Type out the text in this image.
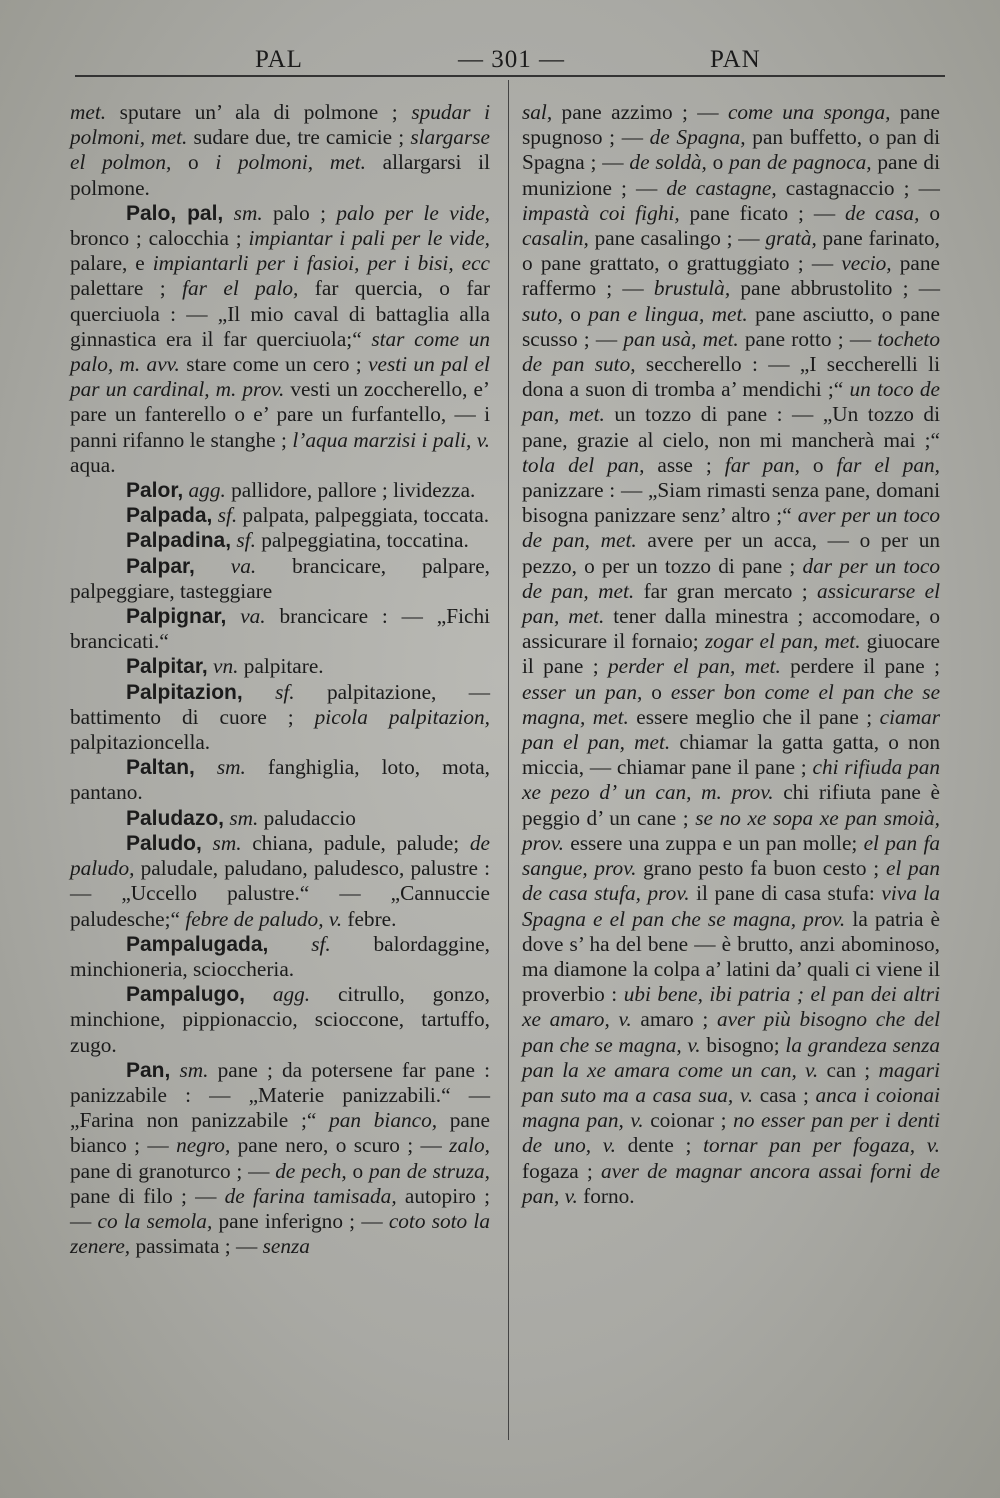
PAL	— 301 —	PAN

met. sputare un’ ala di polmone ; spudar i polmoni, met. sudare due, tre camicie ; slargarse el polmon, o i polmoni, met. allargarsi il polmone.

Palo, pal, sm. palo ; palo per le vide, bronco ; calocchia ; impiantar i pali per le vide, palare, e impiantarli per i fasioi, per i bisi, ecc palettare ; far el palo, far quercia, o far querciuola : — „Il mio caval di battaglia alla ginnastica era il far querciuola;“ star come un palo, m. avv. stare come un cero ; vesti un pal el par un cardinal, m. prov. vesti un zoccherello, e’ pare un fanterello o e’ pare un furfantello, — i panni rifanno le stanghe ; l’aqua marzisi i pali, v. aqua.

Palor, agg. pallidore, pallore ; lividezza.

Palpada, sf. palpata, palpeggiata, toccata.

Palpadina, sf. palpeggiatina, toccatina.

Palpar, va. brancicare, palpare, palpeggiare, tasteggiare

Palpignar, va. brancicare : — „Fichi brancicati.“

Palpitar, vn. palpitare.

Palpitazion, sf. palpitazione, — battimento di cuore ; picola palpitazion, palpitazioncella.

Paltan, sm. fanghiglia, loto, mota, pantano.

Paludazo, sm. paludaccio

Paludo, sm. chiana, padule, palude; de paludo, paludale, paludano, paludesco, palustre : — „Uccello palustre.“ — „Cannuccie paludesche;“ febre de paludo, v. febre.

Pampalugada, sf. balordaggine, minchioneria, scioccheria.

Pampalugo, agg. citrullo, gonzo, minchione, pippionaccio, scioccone, tartuffo, zugo.

Pan, sm. pane ; da potersene far pane : panizzabile : — „Materie panizzabili.“ — „Farina non panizzabile ;“ pan bianco, pane bianco ; — negro, pane nero, o scuro ; — zalo, pane di granoturco ; — de pech, o pan de struza, pane di filo ; — de farina tamisada, autopiro ; — co la semola, pane inferigno ; — coto soto la zenere, passimata ; — senza

sal, pane azzimo ; — come una sponga, pane spugnoso ; — de Spagna, pan buffetto, o pan di Spagna ; — de soldà, o pan de pagnoca, pane di munizione ; — de castagne, castagnaccio ; — impastà coi fighi, pane ficato ; — de casa, o casalin, pane casalingo ; — gratà, pane farinato, o pane grattato, o grattuggiato ; — vecio, pane raffermo ; — brustulà, pane abbrustolito ; — suto, o pan e lingua, met. pane asciutto, o pane scusso ; — pan usà, met. pane rotto ; — tocheto de pan suto, seccherello : — „I seccherelli li dona a suon di tromba a’ mendichi ;“ un toco de pan, met. un tozzo di pane : — „Un tozzo di pane, grazie al cielo, non mi mancherà mai ;“ tola del pan, asse ; far pan, o far el pan, panizzare : — „Siam rimasti senza pane, domani bisogna panizzare senz’ altro ;“ aver per un toco de pan, met. avere per un acca, — o per un pezzo, o per un tozzo di pane ; dar per un toco de pan, met. far gran mercato ; assicurarse el pan, met. tener dalla minestra ; accomodare, o assicurare il fornaio; zogar el pan, met. giuocare il pane ; perder el pan, met. perdere il pane ; esser un pan, o esser bon come el pan che se magna, met. essere meglio che il pane ; ciamar pan el pan, met. chiamar la gatta gatta, o non miccia, — chiamar pane il pane ; chi rifiuda pan xe pezo d’ un can, m. prov. chi rifiuta pane è peggio d’ un cane ; se no xe sopa xe pan smoià, prov. essere una zuppa e un pan molle; el pan fa sangue, prov. grano pesto fa buon cesto ; el pan de casa stufa, prov. il pane di casa stufa: viva la Spagna e el pan che se magna, prov. la patria è dove s’ ha del bene — è brutto, anzi abominoso, ma diamone la colpa a’ latini da’ quali ci viene il proverbio : ubi bene, ibi patria ; el pan dei altri xe amaro, v. amaro ; aver più bisogno che del pan che se magna, v. bisogno; la grandeza senza pan la xe amara come un can, v. can ; magari pan suto ma a casa sua, v. casa ; anca i coionai magna pan, v. coionar ; no esser pan per i denti de uno, v. dente ; tornar pan per fogaza, v. fogaza ; aver de magnar ancora assai forni de pan, v. forno.
